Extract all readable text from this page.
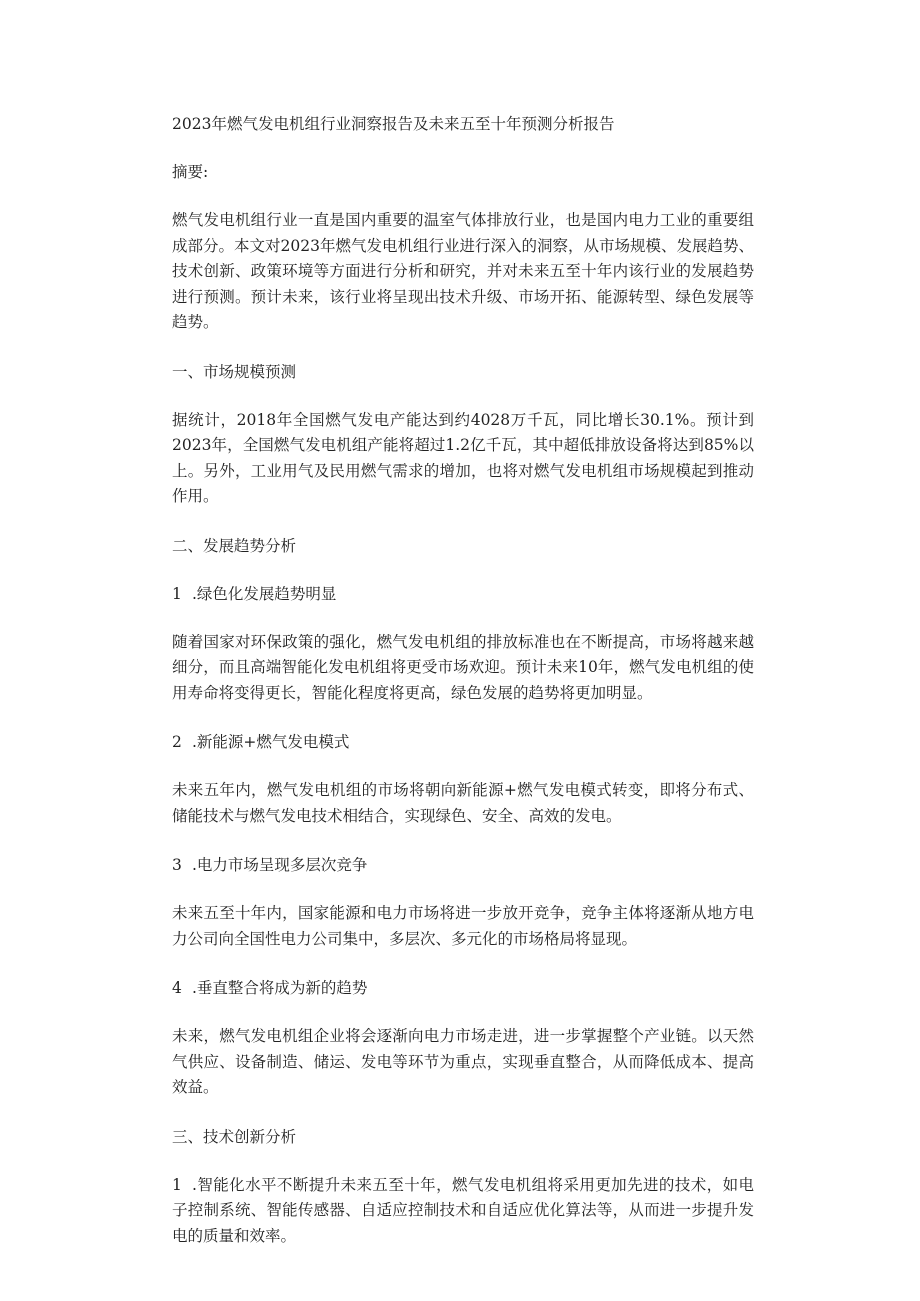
2023年燃气发电机组行业洞察报告及未来五至十年预测分析报告

摘要:

燃气发电机组行业一直是国内重要的温室气体排放行业，也是国内电力工业的重要组成部分。本文对2023年燃气发电机组行业进行深入的洞察，从市场规模、发展趋势、技术创新、政策环境等方面进行分析和研究，并对未来五至十年内该行业的发展趋势进行预测。预计未来，该行业将呈现出技术升级、市场开拓、能源转型、绿色发展等趋势。

一、市场规模预测

据统计，2018年全国燃气发电产能达到约4028万千瓦，同比增长30.1%。预计到2023年，全国燃气发电机组产能将超过1.2亿千瓦，其中超低排放设备将达到85%以上。另外，工业用气及民用燃气需求的增加，也将对燃气发电机组市场规模起到推动作用。

二、发展趋势分析

1 .绿色化发展趋势明显

随着国家对环保政策的强化，燃气发电机组的排放标准也在不断提高，市场将越来越细分，而且高端智能化发电机组将更受市场欢迎。预计未来10年，燃气发电机组的使用寿命将变得更长，智能化程度将更高，绿色发展的趋势将更加明显。

2 .新能源+燃气发电模式

未来五年内，燃气发电机组的市场将朝向新能源+燃气发电模式转变，即将分布式、储能技术与燃气发电技术相结合，实现绿色、安全、高效的发电。

3 .电力市场呈现多层次竞争

未来五至十年内，国家能源和电力市场将进一步放开竞争，竞争主体将逐渐从地方电力公司向全国性电力公司集中，多层次、多元化的市场格局将显现。

4 .垂直整合将成为新的趋势

未来，燃气发电机组企业将会逐渐向电力市场走进，进一步掌握整个产业链。以天然气供应、设备制造、储运、发电等环节为重点，实现垂直整合，从而降低成本、提高效益。

三、技术创新分析

1 .智能化水平不断提升未来五至十年，燃气发电机组将采用更加先进的技术，如电子控制系统、智能传感器、自适应控制技术和自适应优化算法等，从而进一步提升发电的质量和效率。
